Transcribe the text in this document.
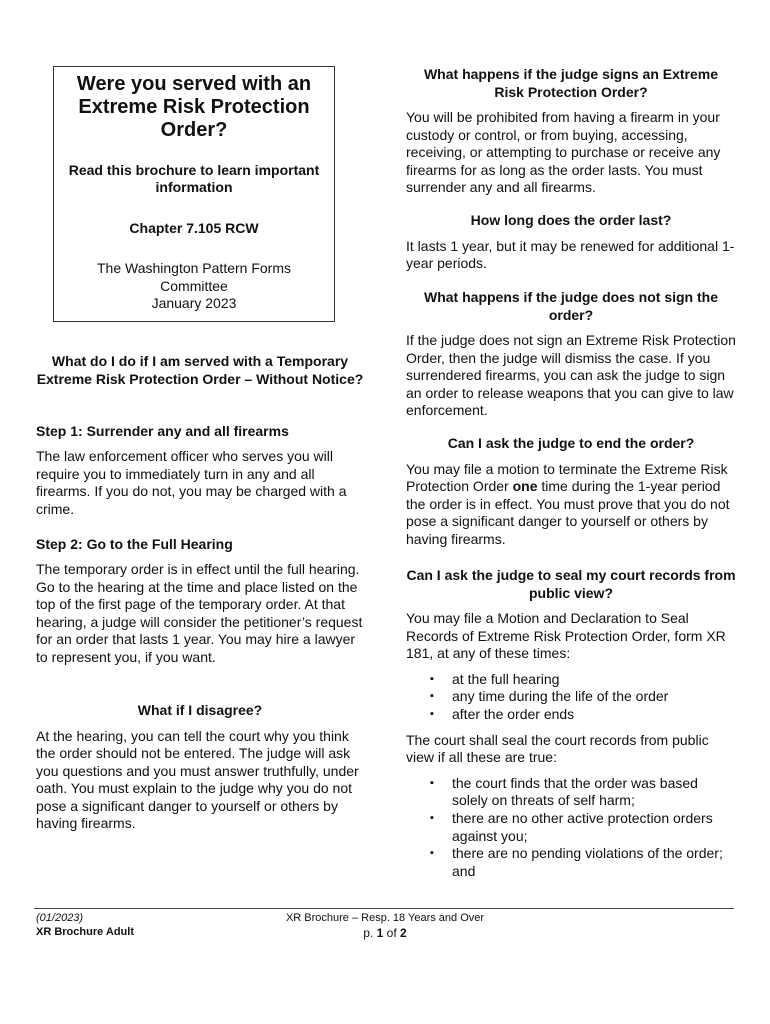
Were you served with an Extreme Risk Protection Order?
Read this brochure to learn important information
Chapter 7.105 RCW
The Washington Pattern Forms Committee
January 2023
What do I do if I am served with a Temporary Extreme Risk Protection Order – Without Notice?
Step 1: Surrender any and all firearms

The law enforcement officer who serves you will require you to immediately turn in any and all firearms. If you do not, you may be charged with a crime.

Step 2: Go to the Full Hearing

The temporary order is in effect until the full hearing. Go to the hearing at the time and place listed on the top of the first page of the temporary order. At that hearing, a judge will consider the petitioner’s request for an order that lasts 1 year. You may hire a lawyer to represent you, if you want.

What if I disagree?

At the hearing, you can tell the court why you think the order should not be entered. The judge will ask you questions and you must answer truthfully, under oath. You must explain to the judge why you do not pose a significant danger to yourself or others by having firearms.

What happens if the judge signs an Extreme Risk Protection Order?

You will be prohibited from having a firearm in your custody or control, or from buying, accessing, receiving, or attempting to purchase or receive any firearms for as long as the order lasts. You must surrender any and all firearms.

How long does the order last?

It lasts 1 year, but it may be renewed for additional 1-year periods.

What happens if the judge does not sign the order?

If the judge does not sign an Extreme Risk Protection Order, then the judge will dismiss the case. If you surrendered firearms, you can ask the judge to sign an order to release weapons that you can give to law enforcement.

Can I ask the judge to end the order?

You may file a motion to terminate the Extreme Risk Protection Order one time during the 1-year period the order is in effect. You must prove that you do not pose a significant danger to yourself or others by having firearms.

Can I ask the judge to seal my court records from public view?

You may file a Motion and Declaration to Seal Records of Extreme Risk Protection Order, form XR 181, at any of these times:

▪ at the full hearing
▪ any time during the life of the order
▪ after the order ends

The court shall seal the court records from public view if all these are true:

▪ the court finds that the order was based solely on threats of self harm;
▪ there are no other active protection orders against you;
▪ there are no pending violations of the order; and
(01/2023)
XR Brochure Adult
XR Brochure – Resp. 18 Years and Over
p. 1 of 2
